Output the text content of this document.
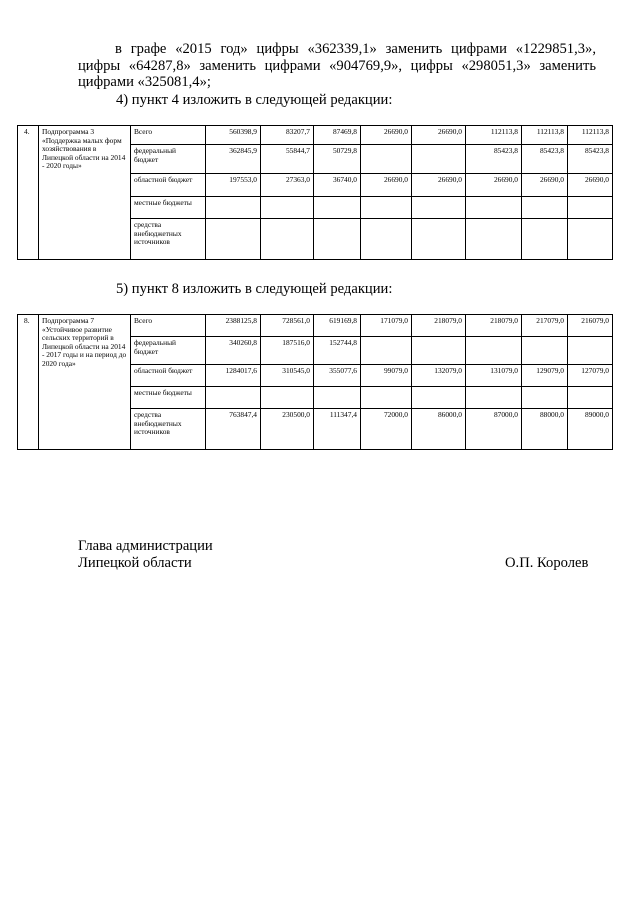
в графе «2015 год» цифры «362339,1» заменить цифрами «1229851,3», цифры «64287,8» заменить цифрами «904769,9», цифры «298051,3» заменить цифрами «325081,4»;

4) пункт 4 изложить в следующей редакции:

4.	Подпрограмма 3 «Поддержка малых форм хозяйствования в Липецкой области на 2014 - 2020 годы»	Всего	560398,9	83207,7	87469,8	26690,0	26690,0	112113,8	112113,8	112113,8
		федеральный бюджет	362845,9	55844,7	50729,8			85423,8	85423,8	85423,8
		областной бюджет	197553,0	27363,0	36740,0	26690,0	26690,0	26690,0	26690,0	26690,0
		местные бюджеты								
		средства внебюджетных источников								

5) пункт 8 изложить в следующей редакции:

8.	Подпрограмма 7 «Устойчивое развитие сельских территорий в Липецкой области на 2014 - 2017 годы и на период до 2020 года»	Всего	2388125,8	728561,0	619169,8	171079,0	218079,0	218079,0	217079,0	216079,0
		федеральный бюджет	340260,8	187516,0	152744,8					
		областной бюджет	1284017,6	310545,0	355077,6	99079,0	132079,0	131079,0	129079,0	127079,0
		местные бюджеты								
		средства внебюджетных источников	763847,4	230500,0	111347,4	72000,0	86000,0	87000,0	88000,0	89000,0
Глава администрации
Липецкой области	О.П. Королев
